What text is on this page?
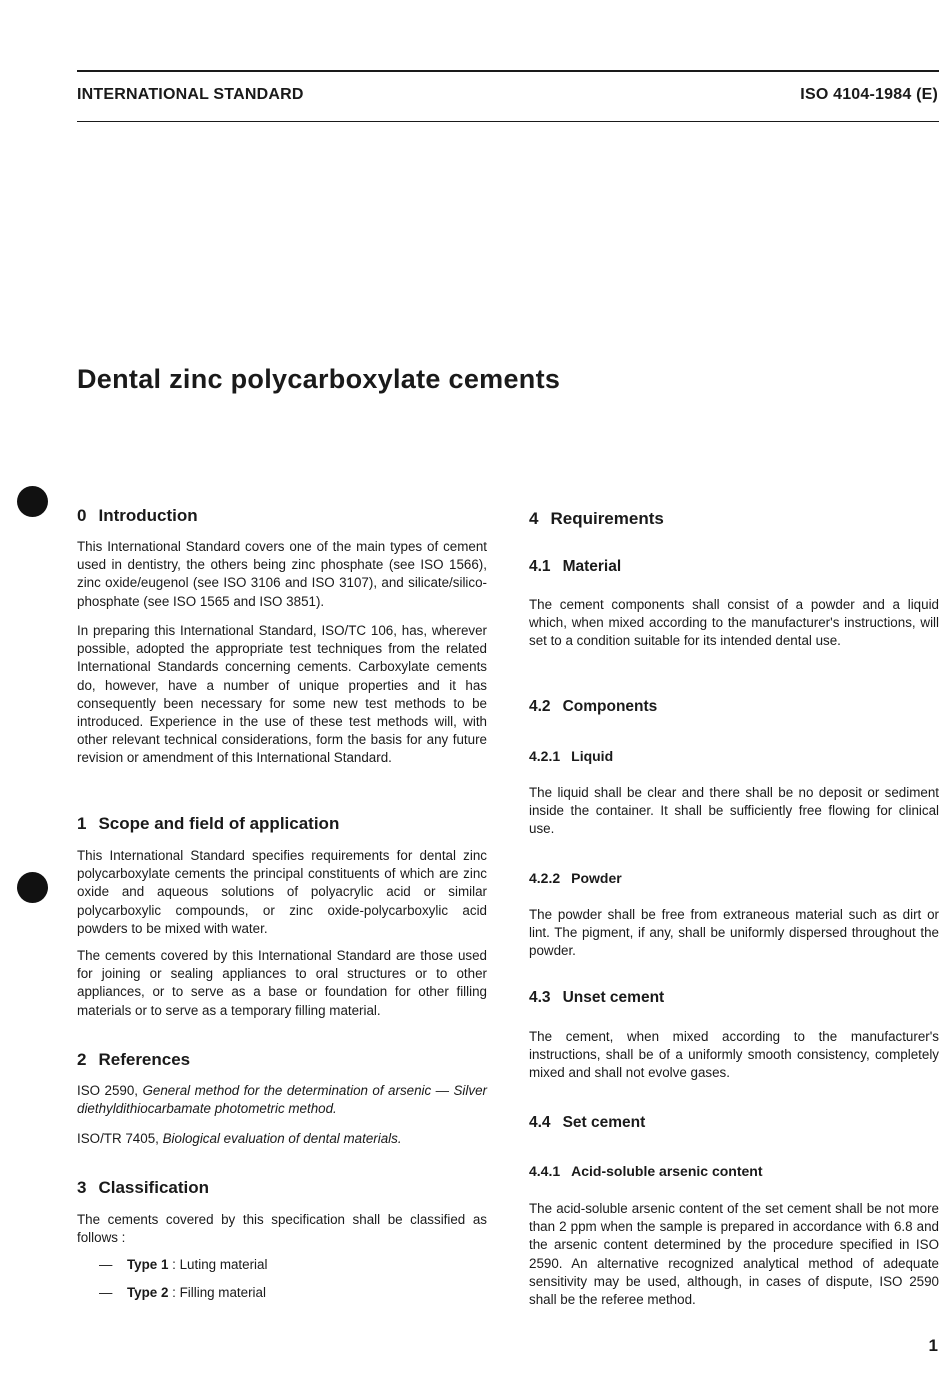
INTERNATIONAL STANDARD	ISO 4104-1984 (E)
Dental zinc polycarboxylate cements
0 Introduction

This International Standard covers one of the main types of cement used in dentistry, the others being zinc phosphate (see ISO 1566), zinc oxide/eugenol (see ISO 3106 and ISO 3107), and silicate/silico-phosphate (see ISO 1565 and ISO 3851).

In preparing this International Standard, ISO/TC 106, has, wherever possible, adopted the appropriate test techniques from the related International Standards concerning cements. Carboxylate cements do, however, have a number of unique properties and it has consequently been necessary for some new test methods to be introduced. Experience in the use of these test methods will, with other relevant technical considerations, form the basis for any future revision or amendment of this International Standard.

1 Scope and field of application

This International Standard specifies requirements for dental zinc polycarboxylate cements the principal constituents of which are zinc oxide and aqueous solutions of polyacrylic acid or similar polycarboxylic compounds, or zinc oxide-polycarboxylic acid powders to be mixed with water.

The cements covered by this International Standard are those used for joining or sealing appliances to oral structures or to other appliances, or to serve as a base or foundation for other filling materials or to serve as a temporary filling material.

2 References

ISO 2590, General method for the determination of arsenic — Silver diethyldithiocarbamate photometric method.

ISO/TR 7405, Biological evaluation of dental materials.

3 Classification

The cements covered by this specification shall be classified as follows :

— Type 1 : Luting material
— Type 2 : Filling material
4 Requirements
4.1 Material

The cement components shall consist of a powder and a liquid which, when mixed according to the manufacturer's instructions, will set to a condition suitable for its intended dental use.

4.2 Components
4.2.1 Liquid

The liquid shall be clear and there shall be no deposit or sediment inside the container. It shall be sufficiently free flowing for clinical use.

4.2.2 Powder

The powder shall be free from extraneous material such as dirt or lint. The pigment, if any, shall be uniformly dispersed throughout the powder.

4.3 Unset cement

The cement, when mixed according to the manufacturer's instructions, shall be of a uniformly smooth consistency, completely mixed and shall not evolve gases.

4.4 Set cement
4.4.1 Acid-soluble arsenic content

The acid-soluble arsenic content of the set cement shall be not more than 2 ppm when the sample is prepared in accordance with 6.8 and the arsenic content determined by the procedure specified in ISO 2590. An alternative recognized analytical method of adequate sensitivity may be used, although, in cases of dispute, ISO 2590 shall be the referee method.

1
